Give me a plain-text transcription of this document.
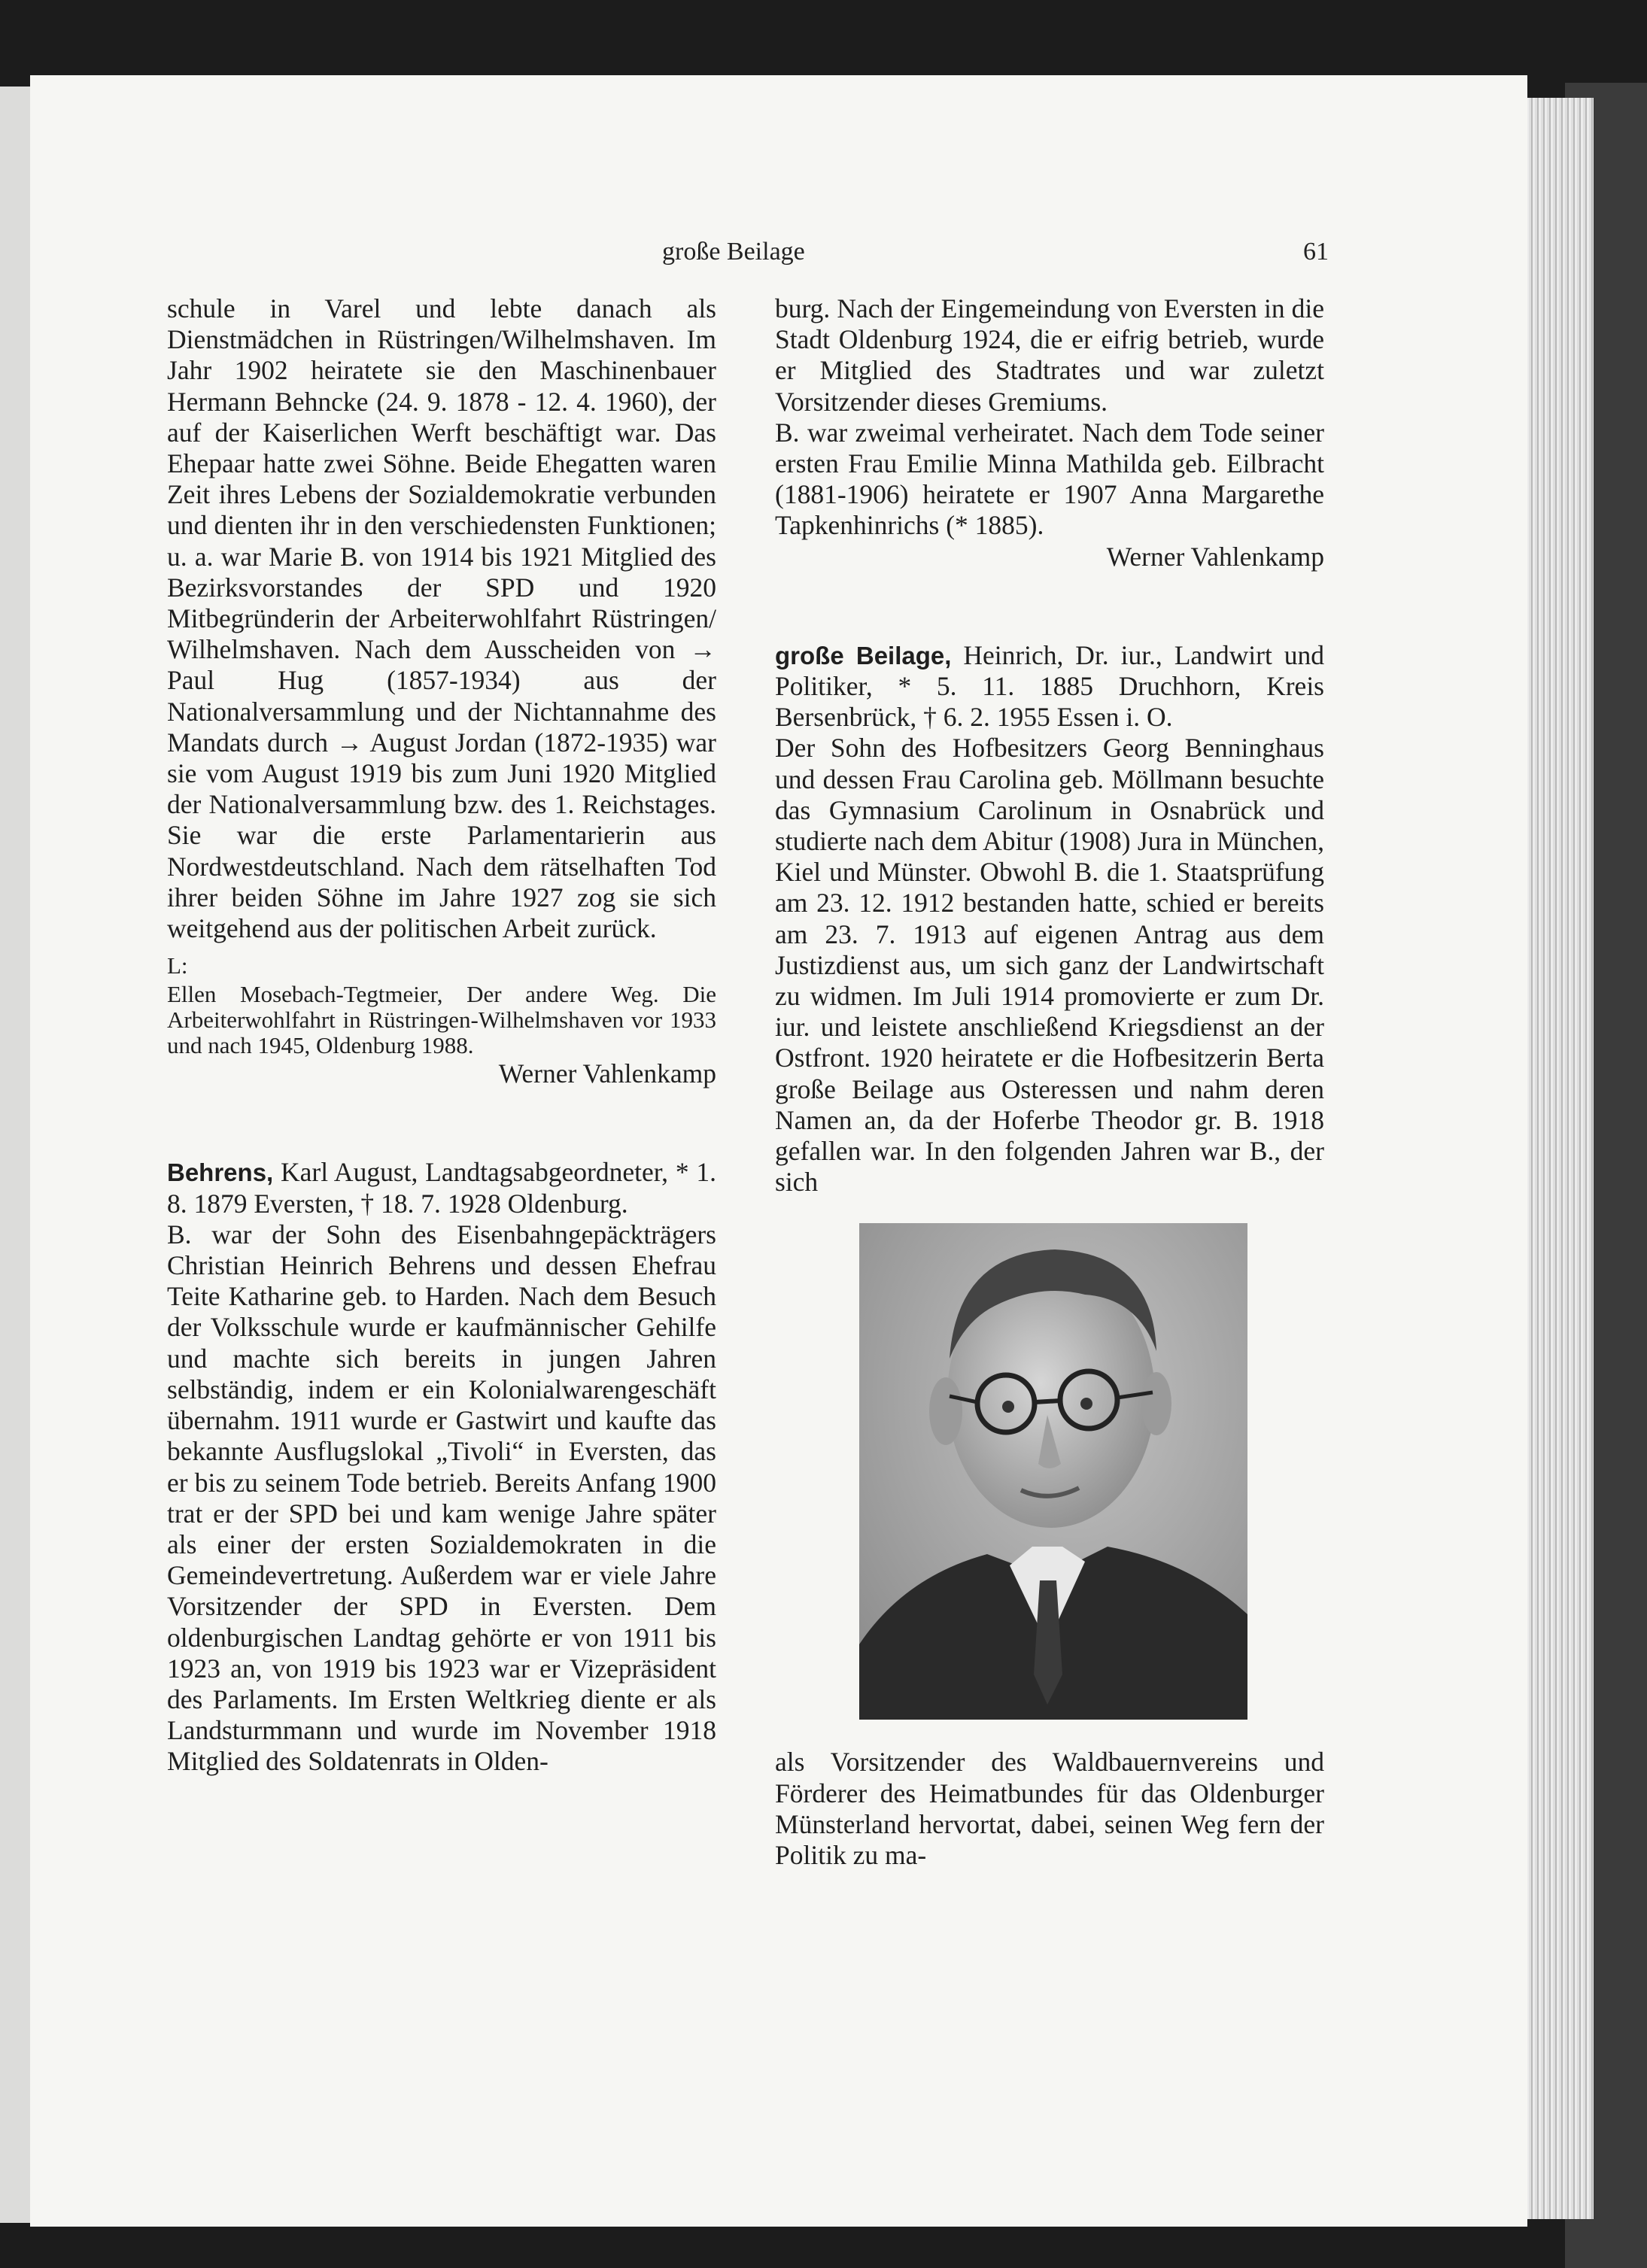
große Beilage	61

schule in Varel und lebte danach als Dienstmädchen in Rüstringen/Wilhelmshaven. Im Jahr 1902 heiratete sie den Maschinenbauer Hermann Behncke (24. 9. 1878 - 12. 4. 1960), der auf der Kaiserlichen Werft beschäftigt war. Das Ehepaar hatte zwei Söhne. Beide Ehegatten waren Zeit ihres Lebens der Sozialdemokratie verbunden und dienten ihr in den verschiedensten Funktionen; u. a. war Marie B. von 1914 bis 1921 Mitglied des Bezirksvorstandes der SPD und 1920 Mitbegründerin der Arbeiterwohlfahrt Rüstringen/ Wilhelmshaven. Nach dem Ausscheiden von → Paul Hug (1857-1934) aus der Nationalversammlung und der Nichtannahme des Mandats durch → August Jordan (1872-1935) war sie vom August 1919 bis zum Juni 1920 Mitglied der Nationalversammlung bzw. des 1. Reichstages. Sie war die erste Parlamentarierin aus Nordwestdeutschland. Nach dem rätselhaften Tod ihrer beiden Söhne im Jahre 1927 zog sie sich weitgehend aus der politischen Arbeit zurück.

L:

Ellen Mosebach-Tegtmeier, Der andere Weg. Die Arbeiterwohlfahrt in Rüstringen-Wilhelmshaven vor 1933 und nach 1945, Oldenburg 1988.

Werner Vahlenkamp

Behrens, Karl August, Landtagsabgeordneter, * 1. 8. 1879 Eversten, † 18. 7. 1928 Oldenburg.

B. war der Sohn des Eisenbahngepäckträgers Christian Heinrich Behrens und dessen Ehefrau Teite Katharine geb. to Harden. Nach dem Besuch der Volksschule wurde er kaufmännischer Gehilfe und machte sich bereits in jungen Jahren selbständig, indem er ein Kolonialwarengeschäft übernahm. 1911 wurde er Gastwirt und kaufte das bekannte Ausflugslokal „Tivoli“ in Eversten, das er bis zu seinem Tode betrieb. Bereits Anfang 1900 trat er der SPD bei und kam wenige Jahre später als einer der ersten Sozialdemokraten in die Gemeindevertretung. Außerdem war er viele Jahre Vorsitzender der SPD in Eversten. Dem oldenburgischen Landtag gehörte er von 1911 bis 1923 an, von 1919 bis 1923 war er Vizepräsident des Parlaments. Im Ersten Weltkrieg diente er als Landsturmmann und wurde im November 1918 Mitglied des Soldatenrats in Olden-

burg. Nach der Eingemeindung von Eversten in die Stadt Oldenburg 1924, die er eifrig betrieb, wurde er Mitglied des Stadtrates und war zuletzt Vorsitzender dieses Gremiums.

B. war zweimal verheiratet. Nach dem Tode seiner ersten Frau Emilie Minna Mathilda geb. Eilbracht (1881-1906) heiratete er 1907 Anna Margarethe Tapkenhinrichs (* 1885).

Werner Vahlenkamp

große Beilage, Heinrich, Dr. iur., Landwirt und Politiker, * 5. 11. 1885 Druchhorn, Kreis Bersenbrück, † 6. 2. 1955 Essen i. O.

Der Sohn des Hofbesitzers Georg Benninghaus und dessen Frau Carolina geb. Möllmann besuchte das Gymnasium Carolinum in Osnabrück und studierte nach dem Abitur (1908) Jura in München, Kiel und Münster. Obwohl B. die 1. Staatsprüfung am 23. 12. 1912 bestanden hatte, schied er bereits am 23. 7. 1913 auf eigenen Antrag aus dem Justizdienst aus, um sich ganz der Landwirtschaft zu widmen. Im Juli 1914 promovierte er zum Dr. iur. und leistete anschließend Kriegsdienst an der Ostfront. 1920 heiratete er die Hofbesitzerin Berta große Beilage aus Osteressen und nahm deren Namen an, da der Hoferbe Theodor gr. B. 1918 gefallen war. In den folgenden Jahren war B., der sich

als Vorsitzender des Waldbauernvereins und Förderer des Heimatbundes für das Oldenburger Münsterland hervortat, dabei, seinen Weg fern der Politik zu ma-
